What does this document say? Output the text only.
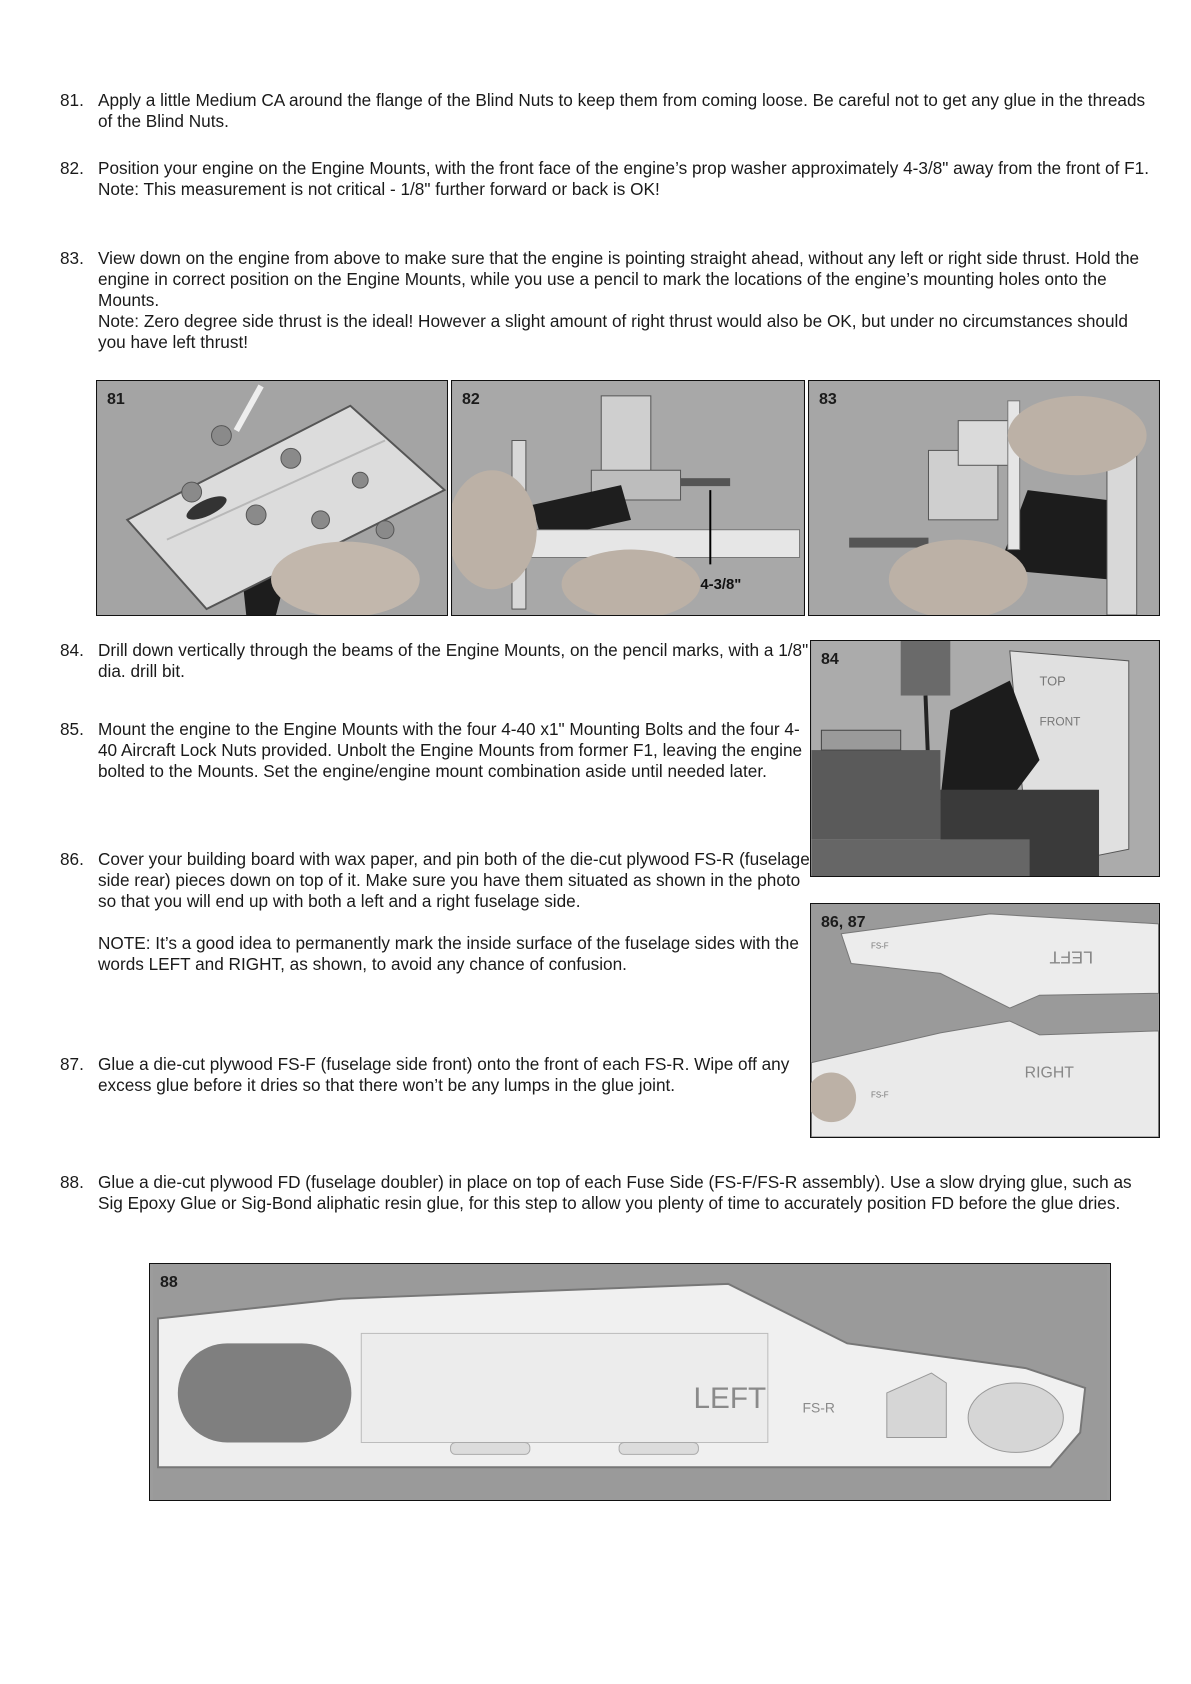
81. Apply a little Medium CA around the flange of the Blind Nuts to keep them from coming loose. Be careful not to get any glue in the threads of the Blind Nuts.

82. Position your engine on the Engine Mounts, with the front face of the engine’s prop washer approximately 4-3/8" away from the front of F1.

Note: This measurement is not critical - 1/8" further forward or back is OK!

83. View down on the engine from above to make sure that the engine is pointing straight ahead, without any left or right side thrust. Hold the engine in correct position on the Engine Mounts, while you use a pencil to mark the locations of the engine’s mounting holes onto the Mounts.

Note: Zero degree side thrust is the ideal! However a slight amount of right thrust would also be OK, but under no circumstances should you have left thrust!

81	82
4-3/8"
83
84. Drill down vertically through the beams of the Engine Mounts, on the pencil marks, with a 1/8" dia. drill bit.

85. Mount the engine to the Engine Mounts with the four 4-40 x1" Mounting Bolts and the four 4-40 Aircraft Lock Nuts provided. Unbolt the Engine Mounts from former F1, leaving the engine bolted to the Mounts. Set the engine/engine mount combination aside until needed later.

86. Cover your building board with wax paper, and pin both of the die-cut plywood FS-R (fuselage side rear) pieces down on top of it. Make sure you have them situated as shown in the photo so that you will end up with both a left and a right fuselage side.

NOTE: It’s a good idea to permanently mark the inside surface of the fuselage sides with the words LEFT and RIGHT, as shown, to avoid any chance of confusion.

87. Glue a die-cut plywood FS-F (fuselage side front) onto the front of each FS-R. Wipe off any excess glue before it dries so that there won’t be any lumps in the glue joint.

84
TOP
FRONT
86, 87
LEFT
RIGHT
FS-F
FS-F
88. Glue a die-cut plywood FD (fuselage doubler) in place on top of each Fuse Side (FS-F/FS-R assembly). Use a slow drying glue, such as Sig Epoxy Glue or Sig-Bond aliphatic resin glue, for this step to allow you plenty of time to accurately position FD before the glue dries.

88
LEFT	FS-R
